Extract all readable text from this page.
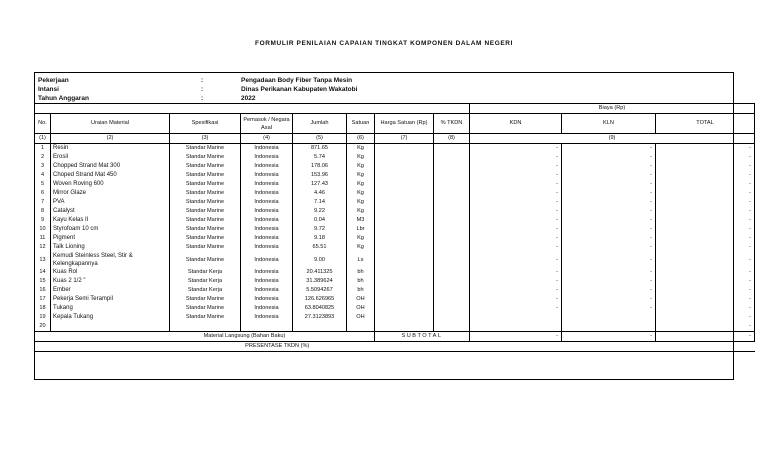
FORMULIR PENILAIAN CAPAIAN TINGKAT KOMPONEN DALAM NEGERI
Pekerjaan	:	Pengadaan Body Fiber Tanpa Mesin
Intansi	:	Dinas Perikanan Kabupaten Wakatobi
Tahun Anggaran	:	2022
								Biaya (Rp)		
No.	Uraian Material	Spesifikasi	Pemasok / Negara Asal	Jumlah	Satuan	Harga Satuan (Rp)	% TKDN	KDN	KLN	TOTAL
(1)	(2)	(3)	(4)	(5)	(6)	(7)	(8)	(9)		
1	Resin	Standar Marine	Indonesia	871.65	Kg			-	-	-
2	Erosil	Standar Marine	Indonesia	5.74	Kg			-	-	-
3	Chopped Strand Mat 300	Standar Marine	Indonesia	178.06	Kg			-	-	-
4	Choped Strand Mat 450	Standar Marine	Indonesia	153.96	Kg			-	-	-
5	Woven Roving 600	Standar Marine	Indonesia	127.43	Kg			-	-	-
6	Mirror Glaze	Standar Marine	Indonesia	4.46	Kg			-	-	-
7	PVA	Standar Marine	Indonesia	7.14	Kg			-	-	-
8	Catalyst	Standar Marine	Indonesia	9.22	Kg			-	-	-
9	Kayu Kelas II	Standar Marine	Indonesia	0.04	M3			-	-	-
10	Styrofoam 10 cm	Standar Marine	Indonesia	9.72	Lbr			-	-	-
11	Pigment	Standar Marine	Indonesia	9.18	Kg			-	-	-
12	Talk Lioning	Standar Marine	Indonesia	65.51	Kg			-	-	-
13	Kemudi Steinless Steel, Stir & Kelengkapannya	Standar Marine	Indonesia	9.00	Ls			-	-	-
14	Kuas Rol	Standar Kerja	Indonesia	20.411325	bh			-	-	-
15	Kuas 2 1/2 "	Standar Kerja	Indonesia	31.389624	bh			-	-	-
16	Ember	Standar Kerja	Indonesia	5.5094267	bh			-	-	-
17	Pekerja Semi Terampil	Standar Marine	Indonesia	126.626965	OH			-	-	-
18	Tukang	Standar Marine	Indonesia	63.8040825	OH			-	-	-
19	Kepala Tukang	Standar Marine	Indonesia	27.3123893	OH					-
20										-
Material Langsung (Bahan Baku)						SUBTOTAL		-	-	-
PRESENTASE TKDN (%)										
